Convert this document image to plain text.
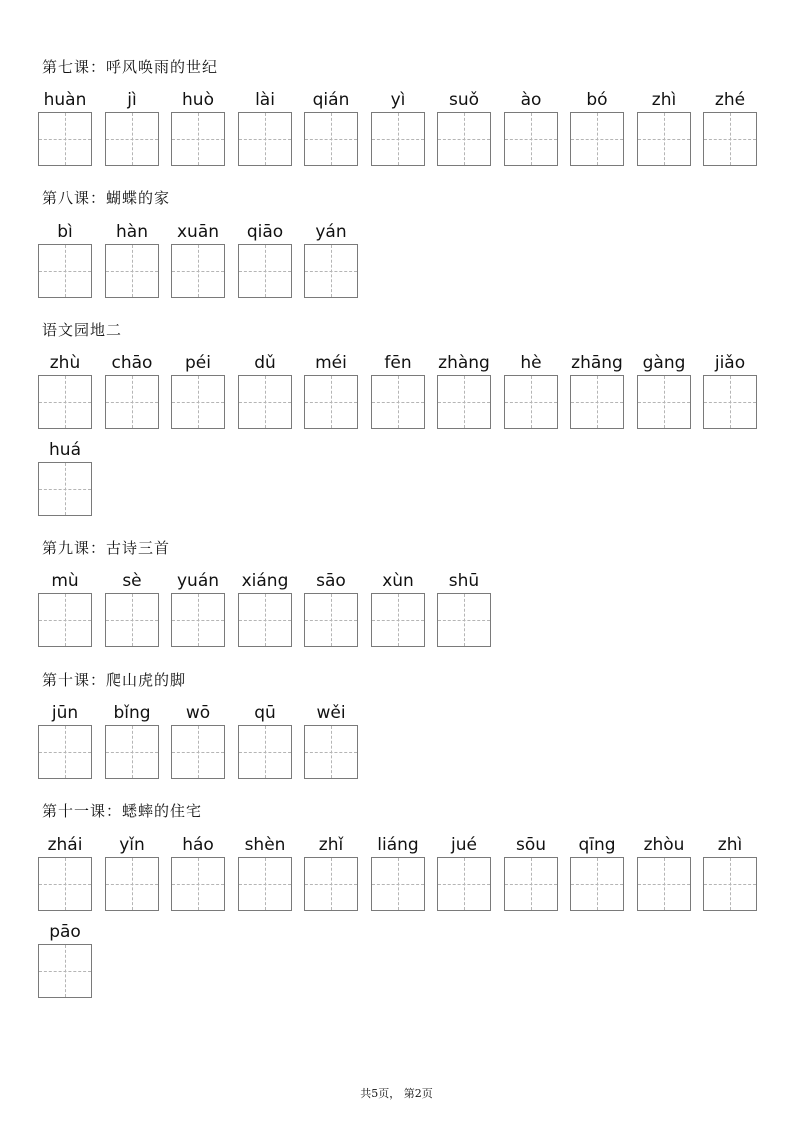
第七课：呼风唤雨的世纪
huàn	jì	huò	lài	qián	yì	suǒ	ào	bó	zhì	zhé
第八课：蝴蝶的家
bì	hàn	xuān	qiāo	yán
语文园地二
zhù	chāo	péi	dǔ	méi	fēn	zhàng	hè	zhāng	gàng	jiǎo
huá
第九课：古诗三首
mù	sè	yuán	xiáng	sāo	xùn	shū
第十课：爬山虎的脚
jūn	bǐng	wō	qū	wěi
第十一课：蟋蟀的住宅
zhái	yǐn	háo	shèn	zhǐ	liáng	jué	sōu	qīng	zhòu	zhì
pāo
共5页， 第2页
